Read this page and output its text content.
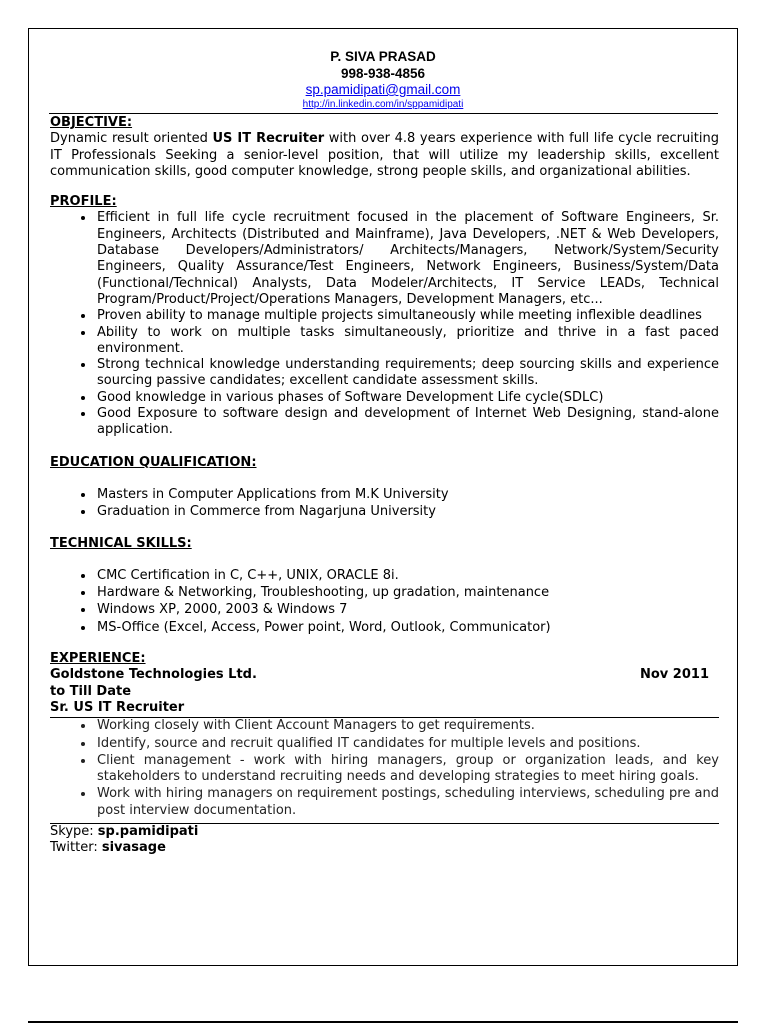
P. SIVA PRASAD
998-938-4856
sp.pamidipati@gmail.com
http://in.linkedin.com/in/sppamidipati
OBJECTIVE:

Dynamic result oriented US IT Recruiter with over 4.8 years experience with full life cycle recruiting IT Professionals Seeking a senior-level position, that will utilize my leadership skills, excellent communication skills, good computer knowledge, strong people skills, and organizational abilities.

PROFILE:
• Efficient in full life cycle recruitment focused in the placement of Software Engineers, Sr. Engineers, Architects (Distributed and Mainframe), Java Developers, .NET & Web Developers, Database Developers/Administrators/ Architects/Managers, Network/System/Security Engineers, Quality Assurance/Test Engineers, Network Engineers, Business/System/Data (Functional/Technical) Analysts, Data Modeler/Architects, IT Service LEADs, Technical Program/Product/Project/Operations Managers, Development Managers, etc...
• Proven ability to manage multiple projects simultaneously while meeting inflexible deadlines
• Ability to work on multiple tasks simultaneously, prioritize and thrive in a fast paced environment.
• Strong technical knowledge understanding requirements; deep sourcing skills and experience sourcing passive candidates; excellent candidate assessment skills.
• Good knowledge in various phases of Software Development Life cycle(SDLC)
• Good Exposure to software design and development of Internet Web Designing, stand-alone application.
EDUCATION QUALIFICATION:
• Masters in Computer Applications from M.K University
• Graduation in Commerce from Nagarjuna University
TECHNICAL SKILLS:
• CMC Certification in C, C++, UNIX, ORACLE 8i.
• Hardware & Networking, Troubleshooting, up gradation, maintenance
• Windows XP, 2000, 2003 & Windows 7
• MS-Office (Excel, Access, Power point, Word, Outlook, Communicator)
EXPERIENCE:
Goldstone Technologies Ltd.	Nov 2011
to Till Date
Sr. US IT Recruiter
• Working closely with Client Account Managers to get requirements.
• Identify, source and recruit qualified IT candidates for multiple levels and positions.
• Client management - work with hiring managers, group or organization leads, and key stakeholders to understand recruiting needs and developing strategies to meet hiring goals.
• Work with hiring managers on requirement postings, scheduling interviews, scheduling pre and post interview documentation.
Skype: sp.pamidipati
Twitter: sivasage
